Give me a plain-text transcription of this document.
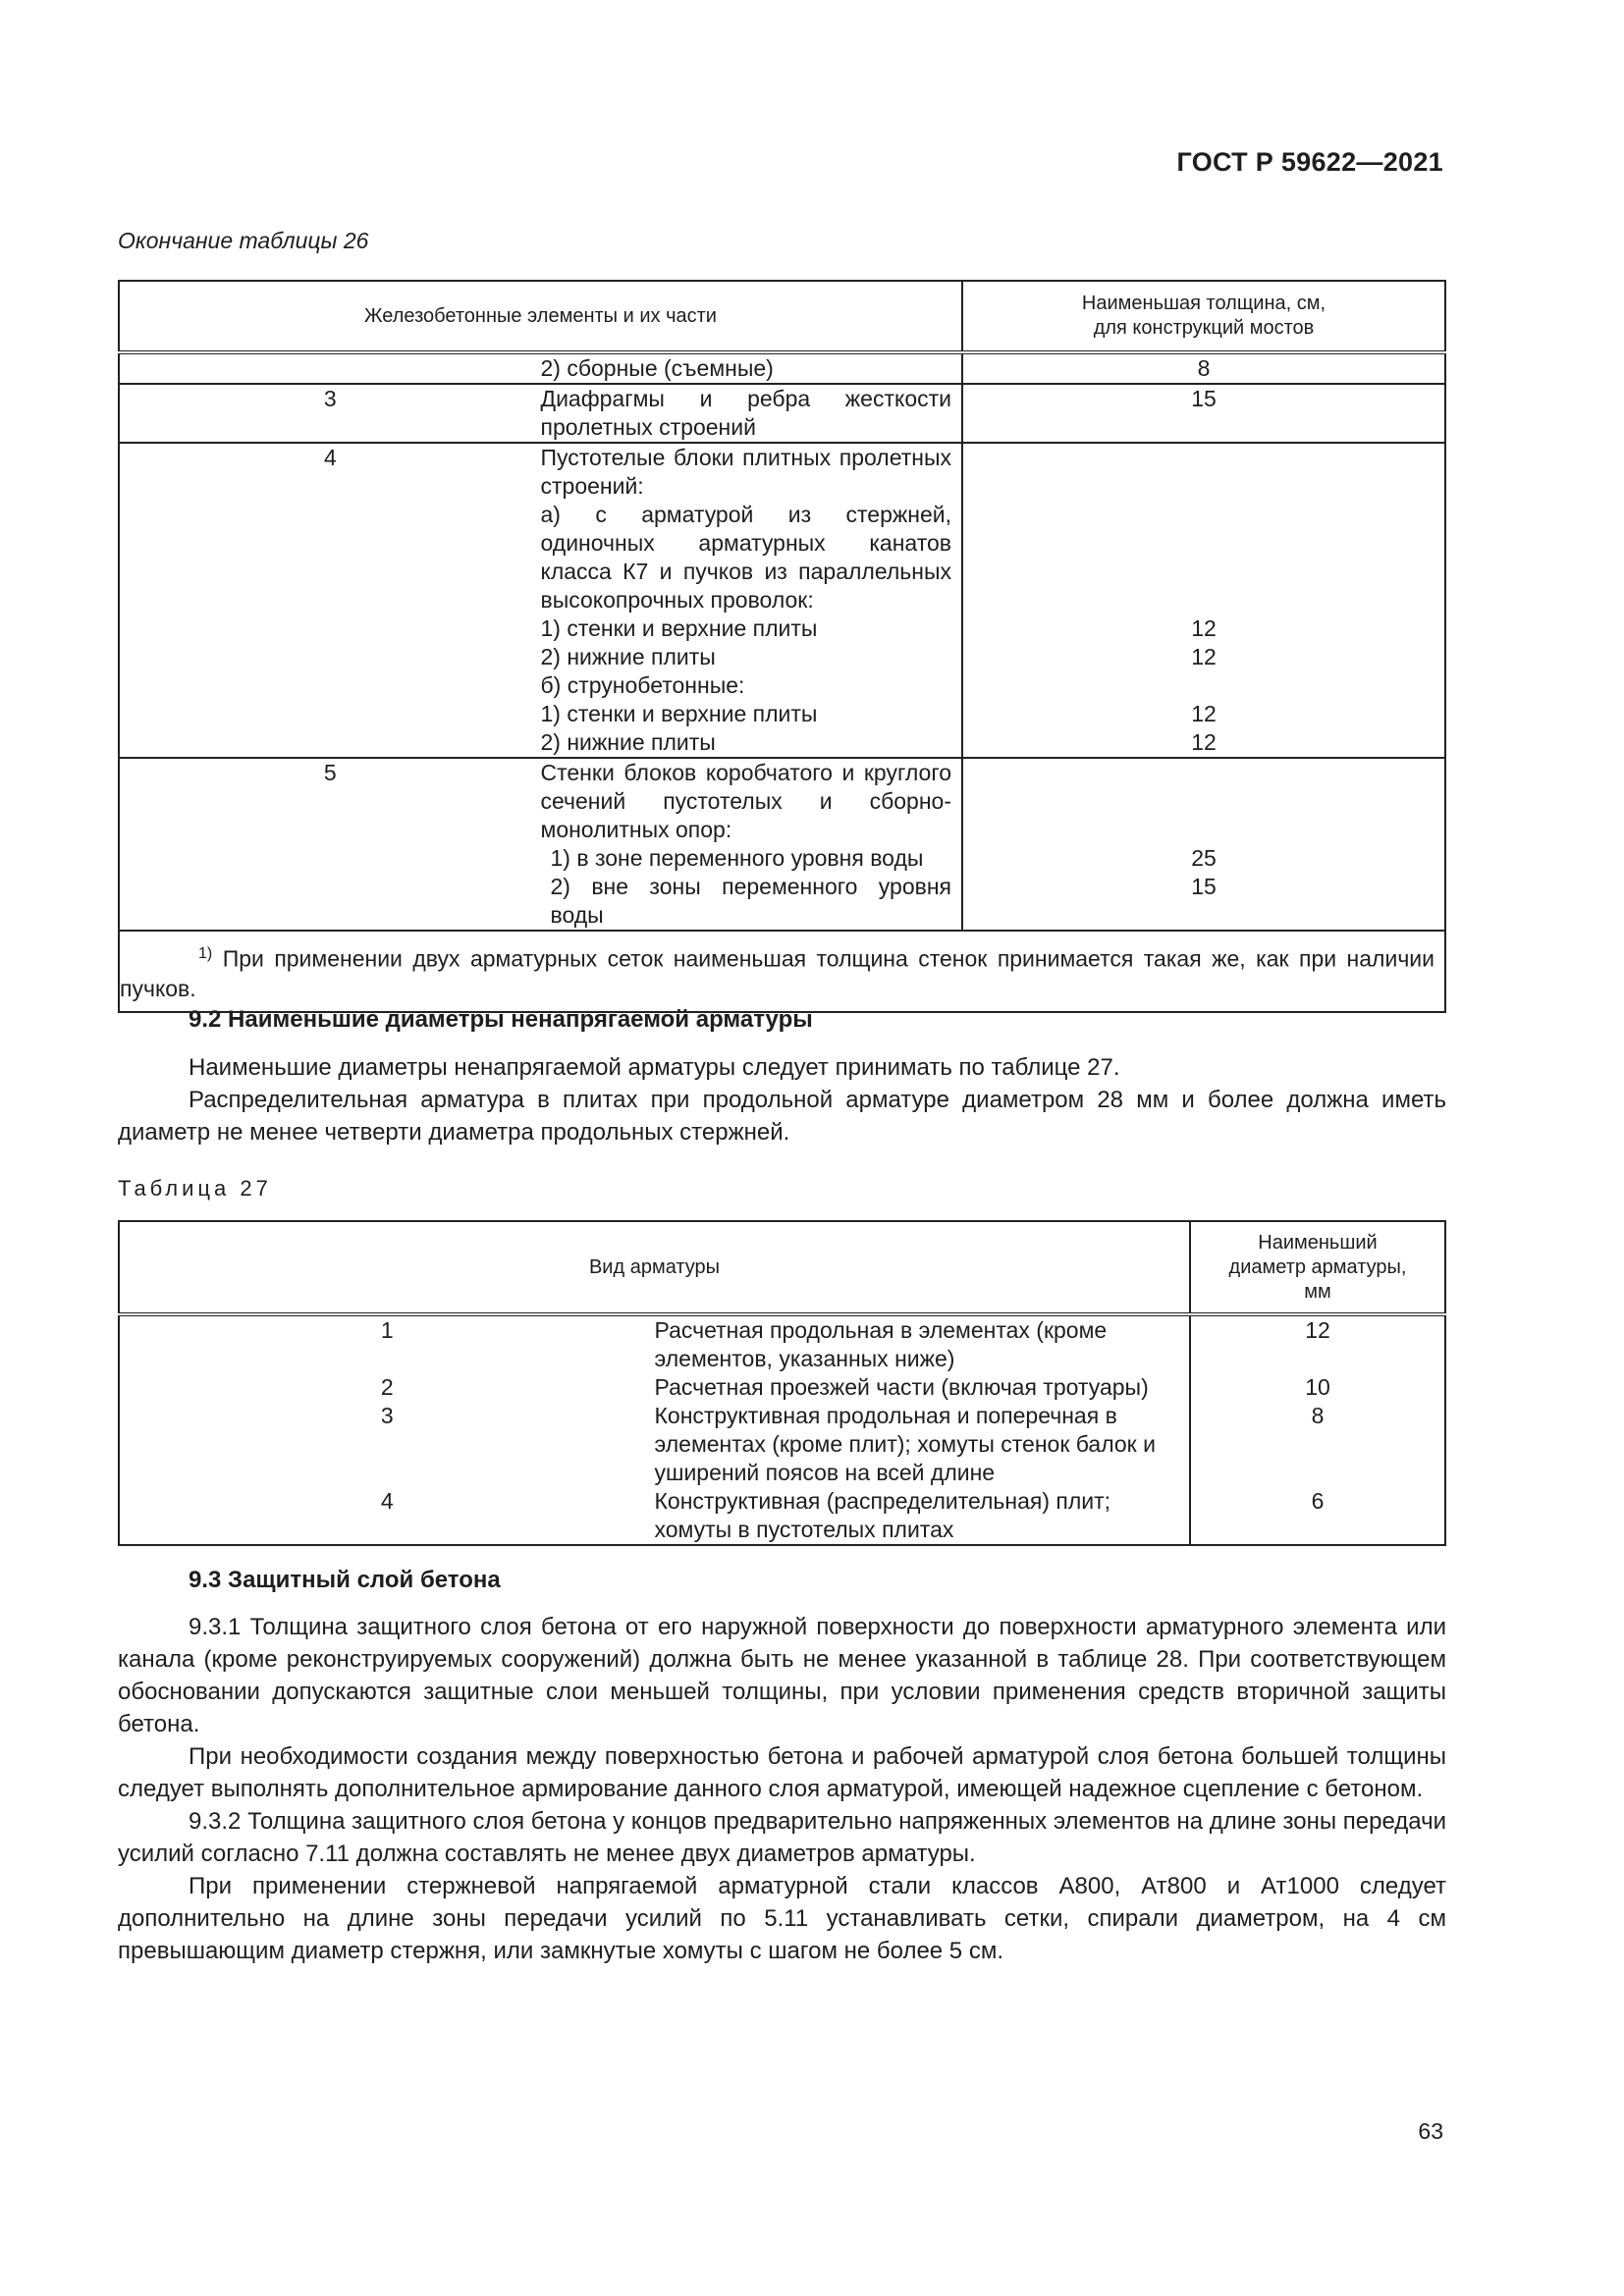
ГОСТ Р 59622—2021
Окончание таблицы 26
Железобетонные элементы и их части		Наименьшая толщина, см,
для конструкций мостов
	2) сборные (съемные)	8
3	Диафрагмы и ребра жесткости пролетных строений	15
4	Пустотелые блоки плитных пролетных строений:	
	а) с арматурой из стержней, одиночных арматурных канатов класса К7 и пучков из параллельных высокопрочных проволок:	
	1) стенки и верхние плиты	12
	2) нижние плиты	12
	б) струнобетонные:	
	1) стенки и верхние плиты	12
	2) нижние плиты	12
5	Стенки блоков коробчатого и круглого сечений пустотелых и сборно-монолитных опор:	
	1) в зоне переменного уровня воды	25
	2) вне зоны переменного уровня воды	15
$^{1)}$ При применении двух арматурных сеток наименьшая толщина стенок принимается такая же, как при наличии пучков.		
9.2 Наименьшие диаметры ненапрягаемой арматуры

Наименьшие диаметры ненапрягаемой арматуры следует принимать по таблице 27.

Распределительная арматура в плитах при продольной арматуре диаметром 28 мм и более должна иметь диаметр не менее четверти диаметра продольных стержней.

Таблица 27
Вид арматуры		Наименьший
диаметр арматуры,
мм
1	Расчетная продольная в элементах (кроме элементов, указанных ниже)	12
2	Расчетная проезжей части (включая тротуары)	10
3	Конструктивная продольная и поперечная в элементах (кроме плит); хомуты стенок балок и уширений поясов на всей длине	8
4	Конструктивная (распределительная) плит; хомуты в пустотелых плитах	6
9.3 Защитный слой бетона

9.3.1 Толщина защитного слоя бетона от его наружной поверхности до поверхности арматурного элемента или канала (кроме реконструируемых сооружений) должна быть не менее указанной в таблице 28. При соответствующем обосновании допускаются защитные слои меньшей толщины, при условии применения средств вторичной защиты бетона.

При необходимости создания между поверхностью бетона и рабочей арматурой слоя бетона большей толщины следует выполнять дополнительное армирование данного слоя арматурой, имеющей надежное сцепление с бетоном.

9.3.2 Толщина защитного слоя бетона у концов предварительно напряженных элементов на длине зоны передачи усилий согласно 7.11 должна составлять не менее двух диаметров арматуры.

При применении стержневой напрягаемой арматурной стали классов А800, Ат800 и Ат1000 следует дополнительно на длине зоны передачи усилий по 5.11 устанавливать сетки, спирали диаметром, на 4 см превышающим диаметр стержня, или замкнутые хомуты с шагом не более 5 см.

63
